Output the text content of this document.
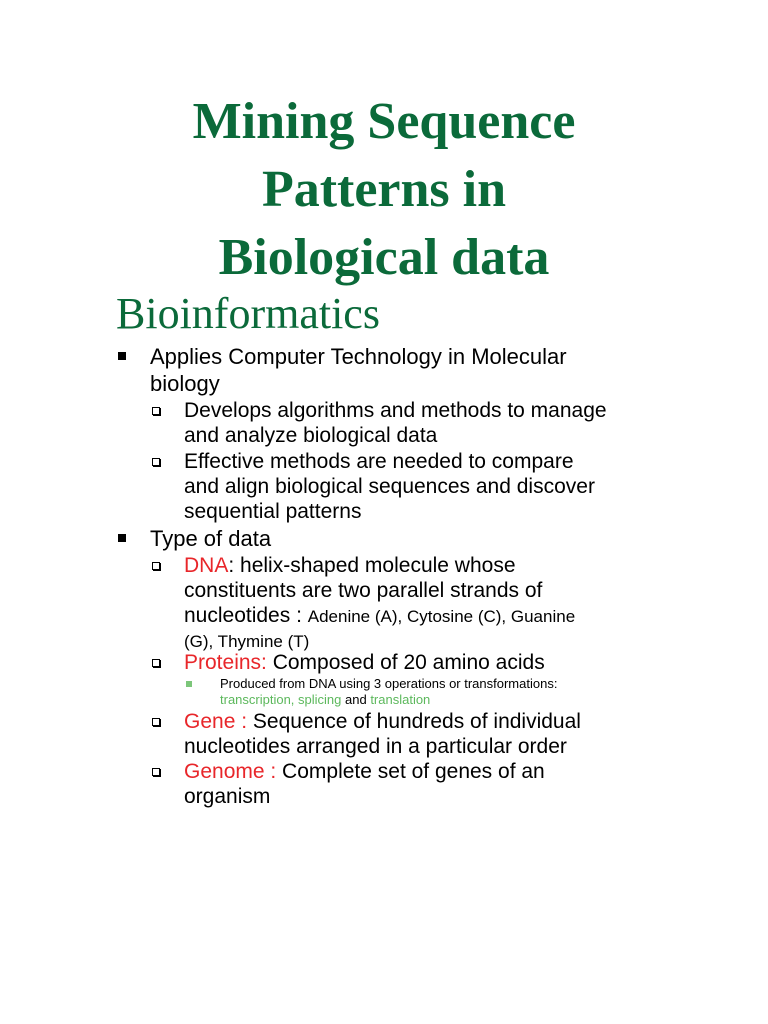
Mining Sequence
Patterns in
Biological data
Bioinformatics
Applies Computer Technology in Molecular
biology
Develops algorithms and methods to manage
and analyze biological data
Effective methods are needed to compare
and align biological sequences and discover
sequential patterns
Type of data
DNA: helix-shaped molecule whose
constituents are two parallel strands of
nucleotides : Adenine (A), Cytosine (C), Guanine
(G), Thymine (T)
Proteins: Composed of 20 amino acids
Produced from DNA using 3 operations or transformations:
transcription, splicing and translation
Gene : Sequence of hundreds of individual
nucleotides arranged in a particular order
Genome : Complete set of genes of an
organism
